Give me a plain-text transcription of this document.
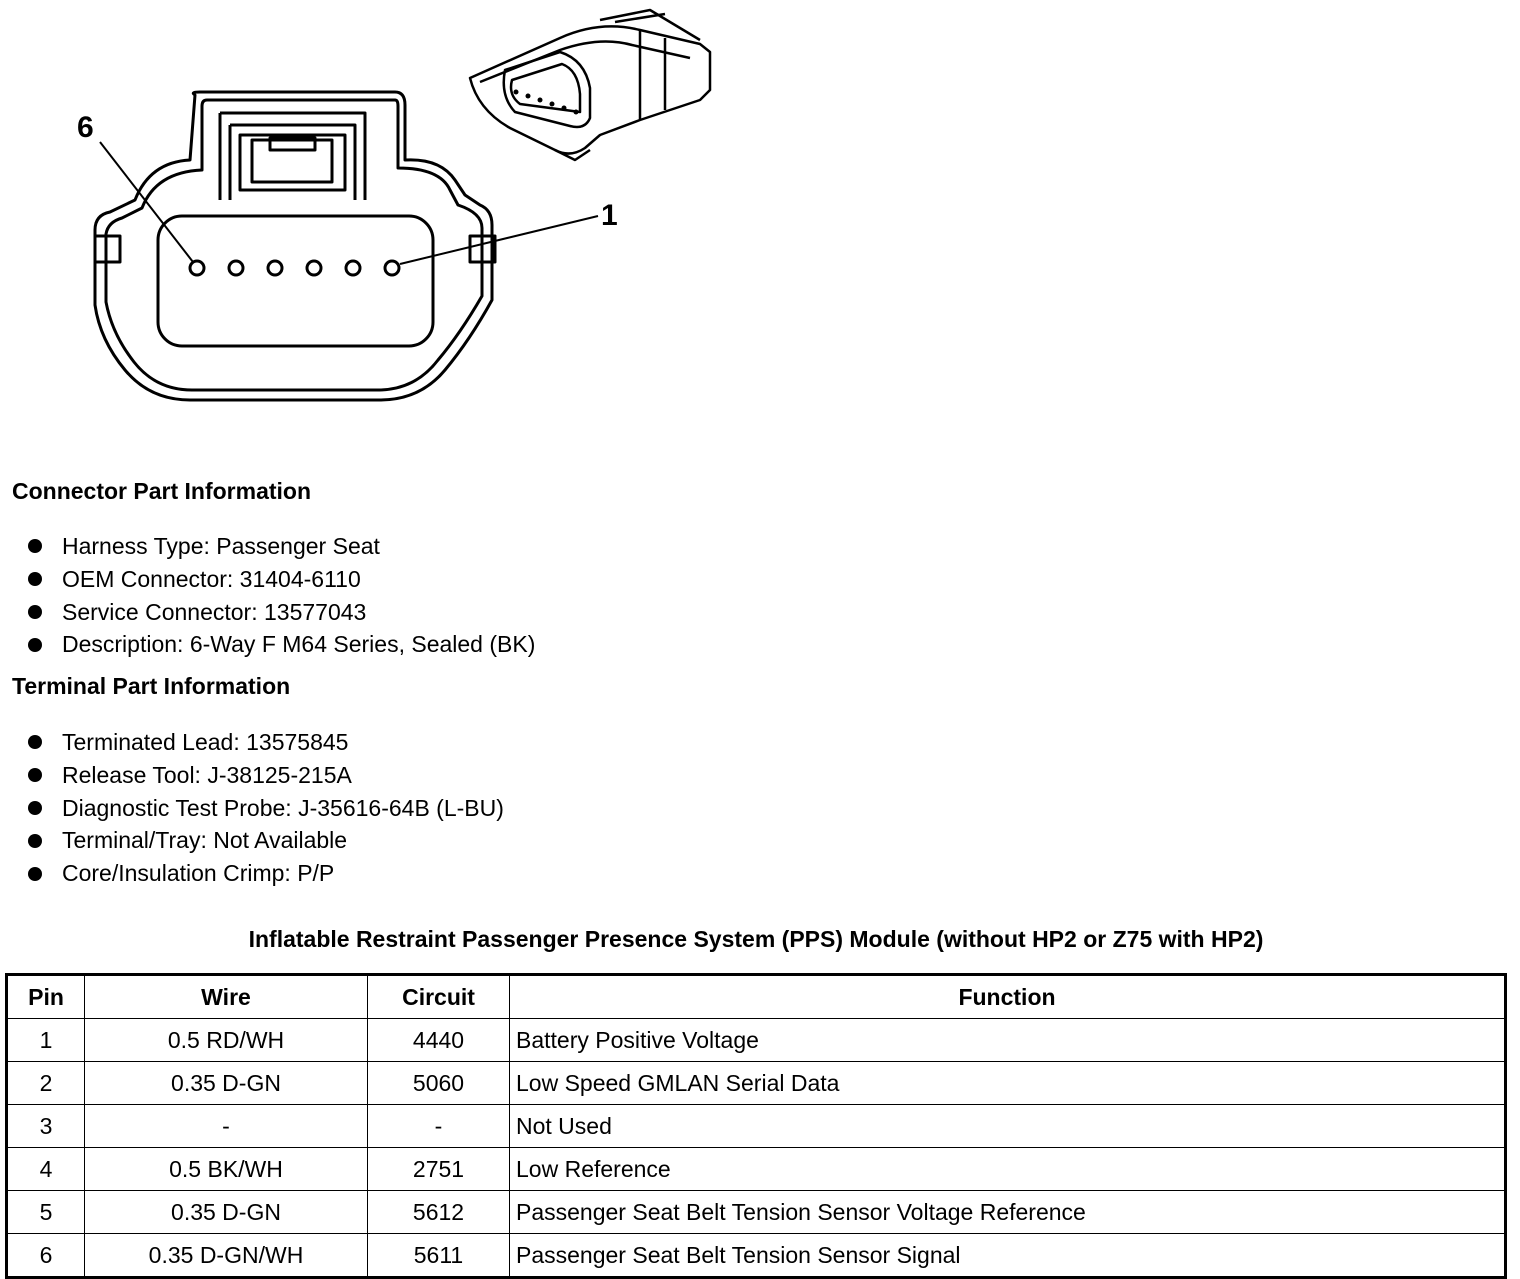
6
1
Connector Part Information
Harness Type: Passenger Seat
OEM Connector: 31404-6110
Service Connector: 13577043
Description: 6-Way F M64 Series, Sealed (BK)
Terminal Part Information
Terminated Lead: 13575845
Release Tool: J-38125-215A
Diagnostic Test Probe: J-35616-64B (L-BU)
Terminal/Tray: Not Available
Core/Insulation Crimp: P/P
Inflatable Restraint Passenger Presence System (PPS) Module (without HP2 or Z75 with HP2)
Pin	Wire	Circuit	Function
1	0.5 RD/WH	4440	Battery Positive Voltage
2	0.35 D-GN	5060	Low Speed GMLAN Serial Data
3	-	-	Not Used
4	0.5 BK/WH	2751	Low Reference
5	0.35 D-GN	5612	Passenger Seat Belt Tension Sensor Voltage Reference
6	0.35 D-GN/WH	5611	Passenger Seat Belt Tension Sensor Signal
